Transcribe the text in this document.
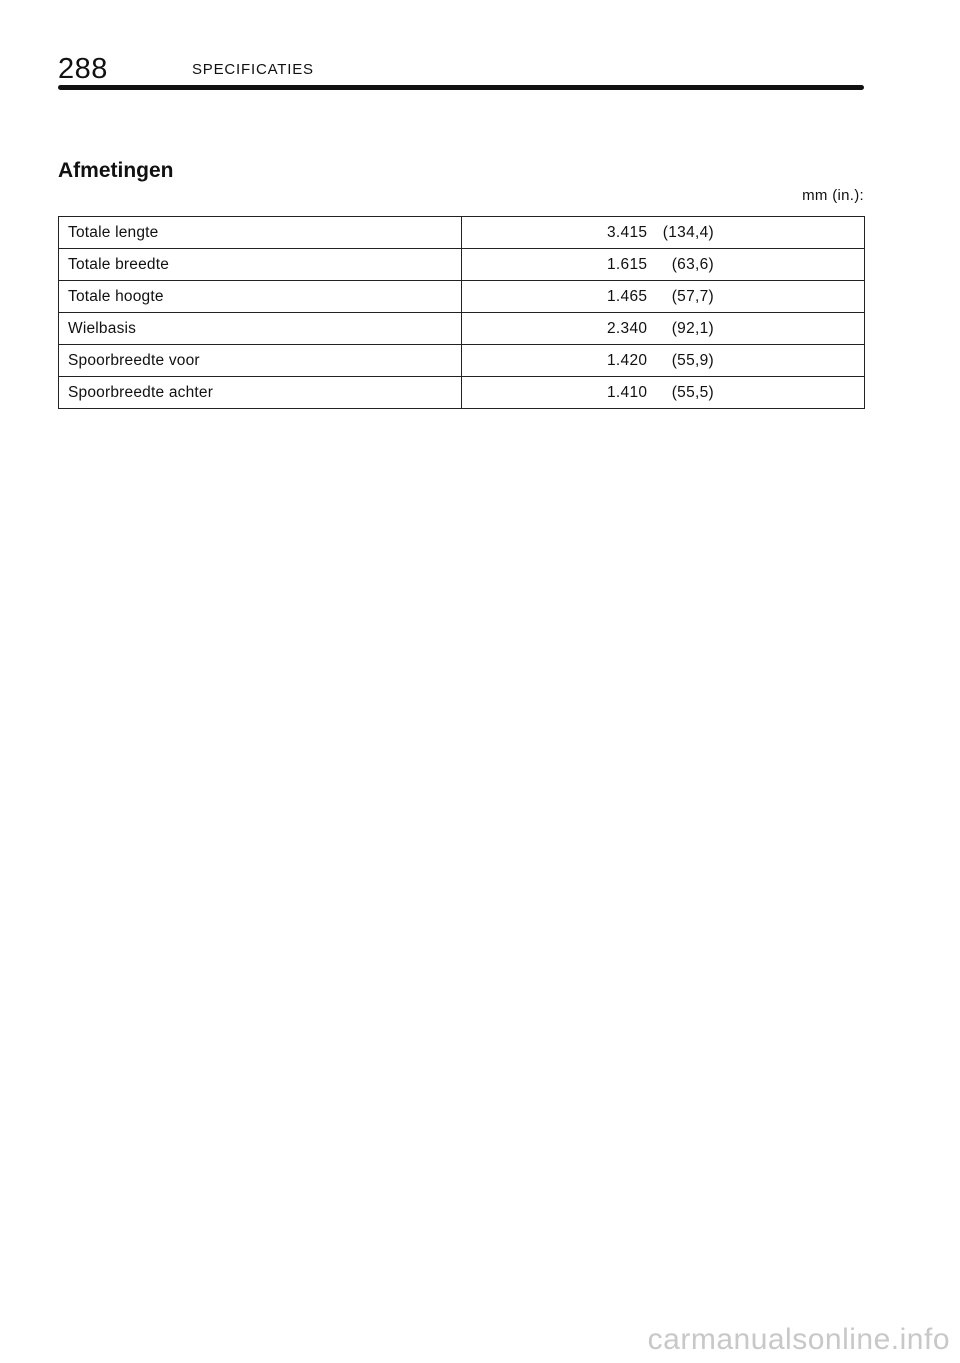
288	SPECIFICATIES
Afmetingen
mm (in.):
Totale lengte	3.415 (134,4)

Totale breedte	1.615 (63,6)

Totale hoogte	1.465 (57,7)

Wielbasis	2.340 (92,1)

Spoorbreedte voor	1.420 (55,9)

Spoorbreedte achter	1.410 (55,5)
carmanualsonline.info
